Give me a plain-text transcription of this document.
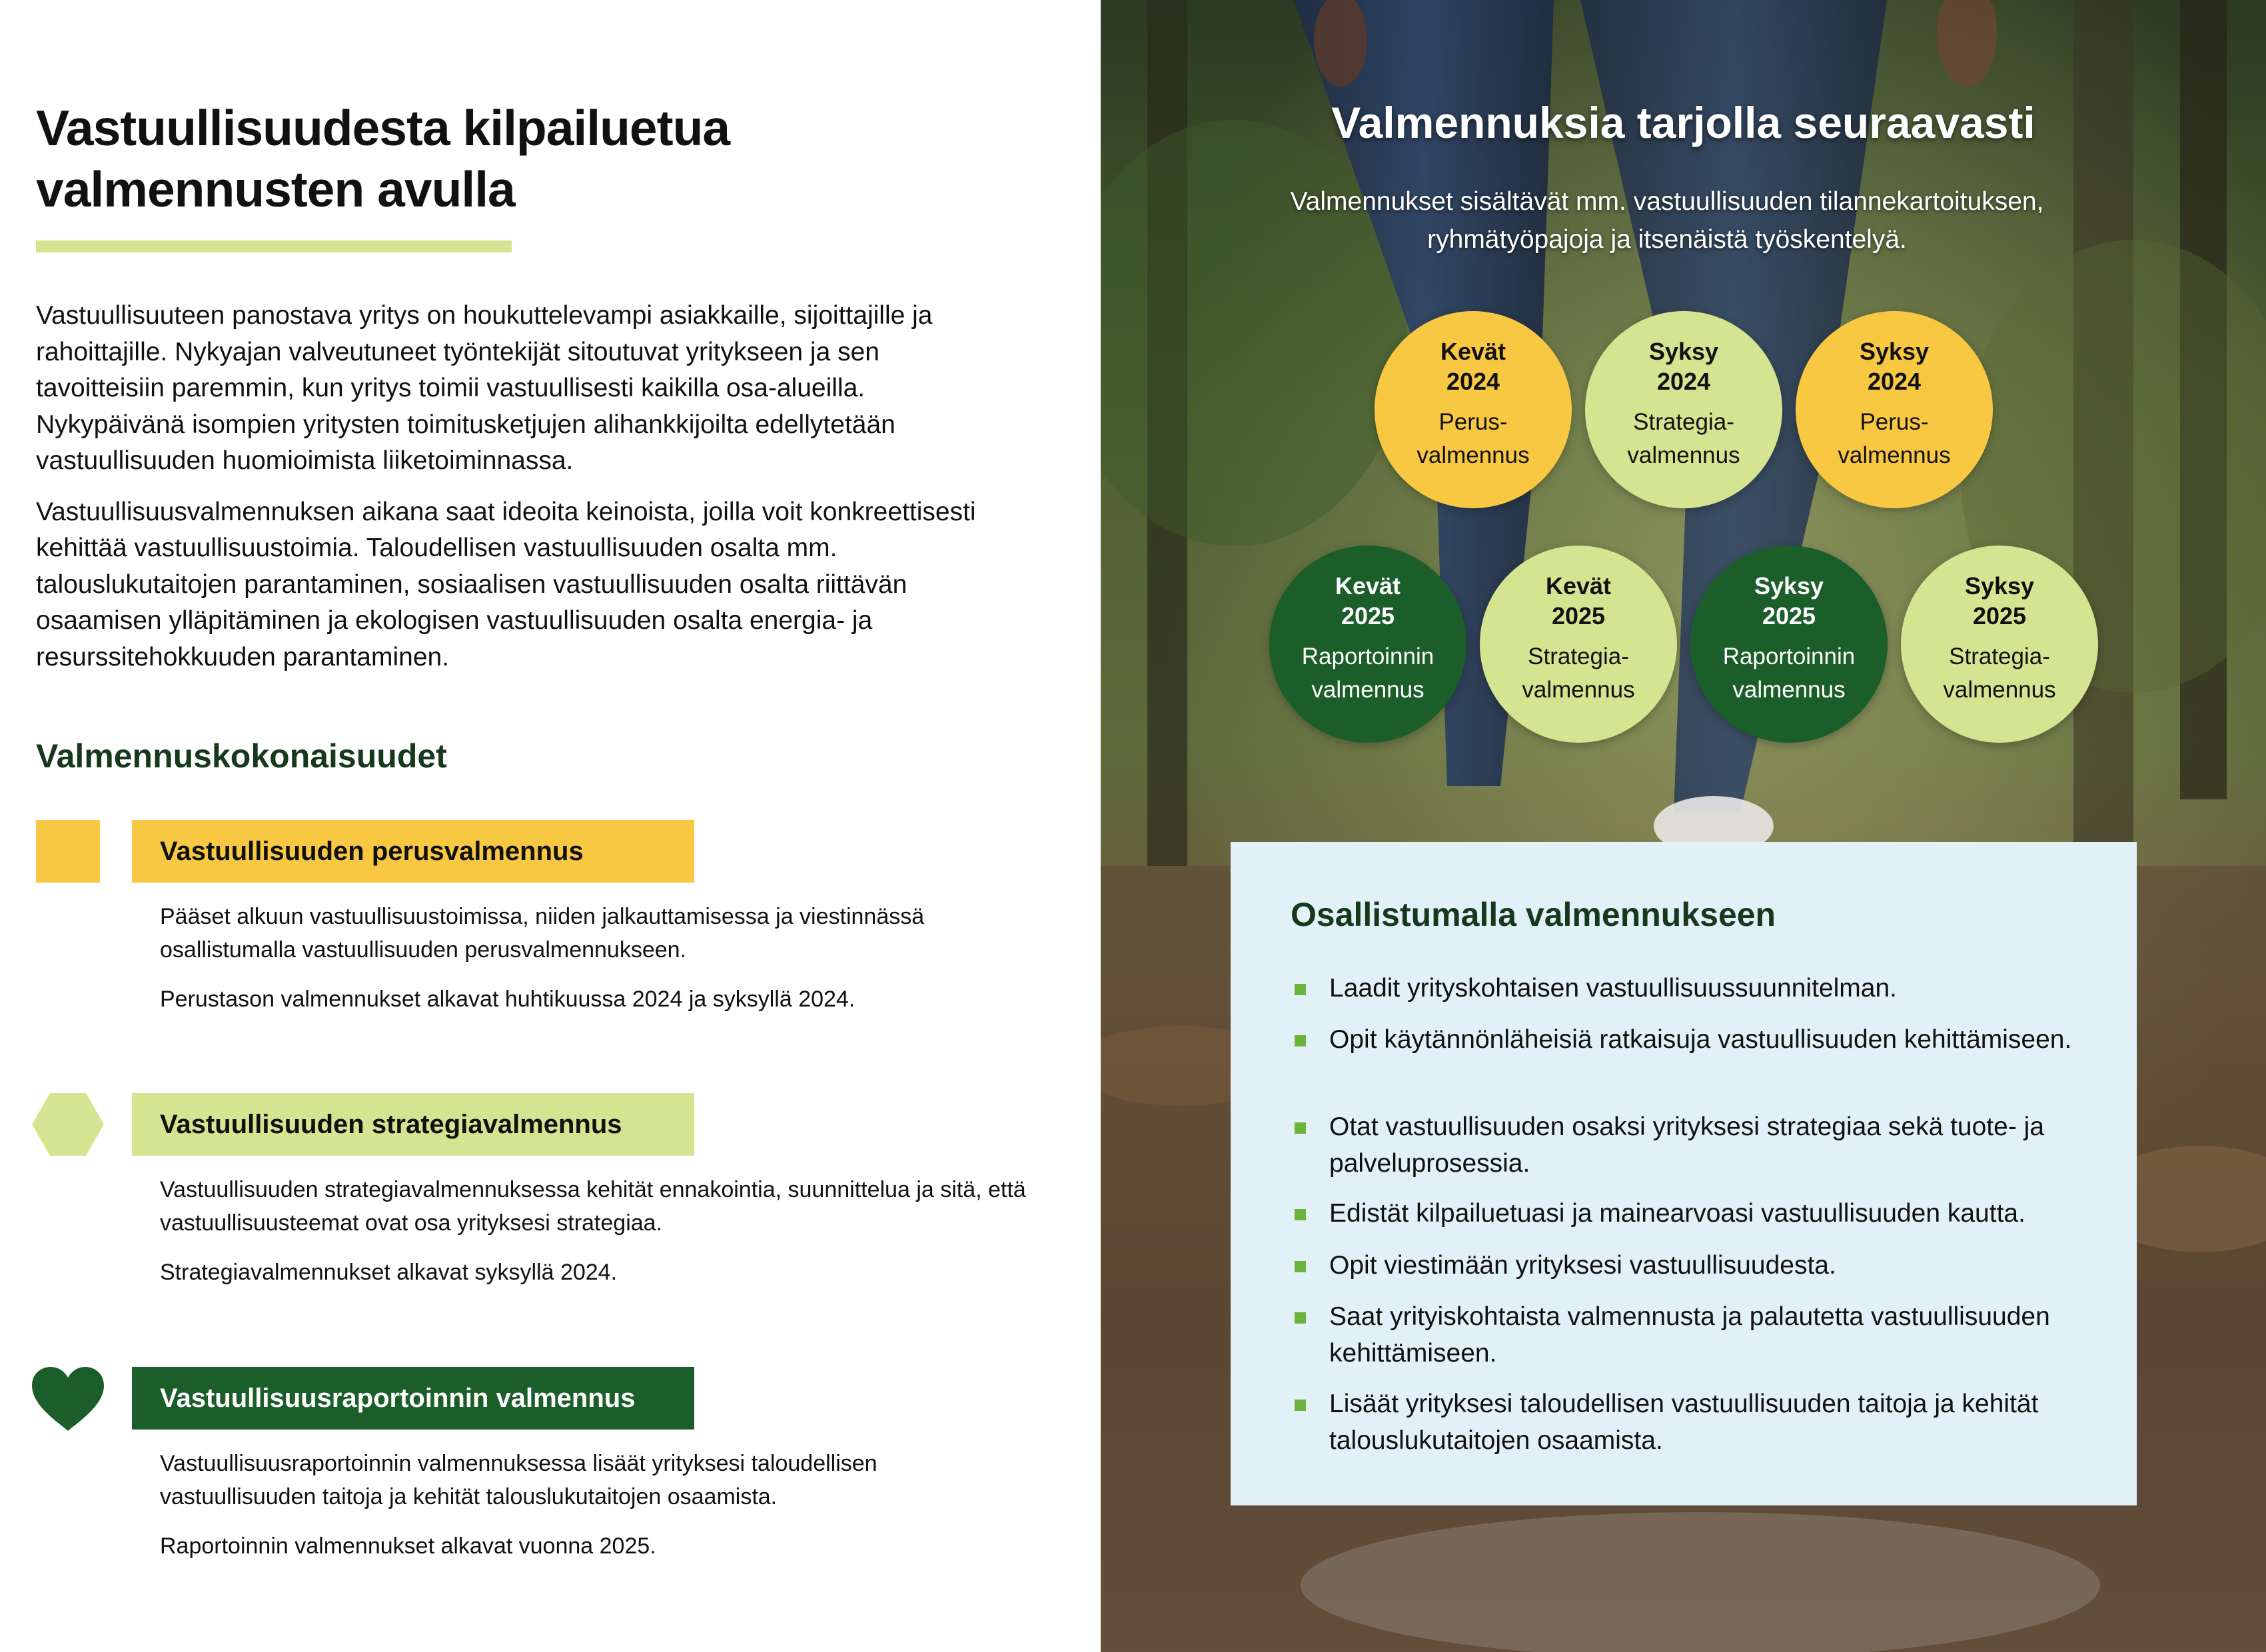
Vastuullisuudesta kilpailuetua
valmennusten avulla

Vastuullisuuteen panostava yritys on houkuttelevampi asiakkaille, sijoittajille ja rahoittajille. Nykyajan valveutuneet työntekijät sitoutuvat yritykseen ja sen tavoitteisiin paremmin, kun yritys toimii vastuullisesti kaikilla osa-alueilla. Nykypäivänä isompien yritysten toimitusketjujen alihankkijoilta edellytetään vastuullisuuden huomioimista liiketoiminnassa.

Vastuullisuusvalmennuksen aikana saat ideoita keinoista, joilla voit konkreettisesti kehittää vastuullisuustoimia. Taloudellisen vastuullisuuden osalta mm. talouslukutaitojen parantaminen, sosiaalisen vastuullisuuden osalta riittävän osaamisen ylläpitäminen ja ekologisen vastuullisuuden osalta energia- ja resurssitehokkuuden parantaminen.

Valmennuskokonaisuudet
Vastuullisuuden perusvalmennus

Pääset alkuun vastuullisuustoimissa, niiden jalkauttamisessa ja viestinnässä osallistumalla vastuullisuuden perusvalmennukseen.

Perustason valmennukset alkavat huhtikuussa 2024 ja syksyllä 2024.

Vastuullisuuden strategiavalmennus

Vastuullisuuden strategiavalmennuksessa kehität ennakointia, suunnittelua ja sitä, että vastuullisuusteemat ovat osa yrityksesi strategiaa.

Strategiavalmennukset alkavat syksyllä 2024.

Vastuullisuusraportoinnin valmennus

Vastuullisuusraportoinnin valmennuksessa lisäät yrityksesi taloudellisen vastuullisuuden taitoja ja kehität talouslukutaitojen osaamista.

Raportoinnin valmennukset alkavat vuonna 2025.

Valmennuksia tarjolla seuraavasti
Valmennukset sisältävät mm. vastuullisuuden tilannekartoituksen,
ryhmätyöpajoja ja itsenäistä työskentelyä.
Kevät
2024
Perus-
valmennus
Syksy
2024
Strategia-
valmennus
Syksy
2024
Perus-
valmennus
Kevät
2025
Raportoinnin
valmennus
Kevät
2025
Strategia-
valmennus
Syksy
2025
Raportoinnin
valmennus
Syksy
2025
Strategia-
valmennus
Osallistumalla valmennukseen
Laadit yrityskohtaisen vastuullisuussuunnitelman.
Opit käytännönläheisiä ratkaisuja vastuullisuuden kehittämiseen.
Otat vastuullisuuden osaksi yrityksesi strategiaa sekä tuote- ja palveluprosessia.
Edistät kilpailuetuasi ja mainearvoasi vastuullisuuden kautta.
Opit viestimään yrityksesi vastuullisuudesta.
Saat yrityiskohtaista valmennusta ja palautetta vastuullisuuden kehittämiseen.
Lisäät yrityksesi taloudellisen vastuullisuuden taitoja ja kehität talouslukutaitojen osaamista.
